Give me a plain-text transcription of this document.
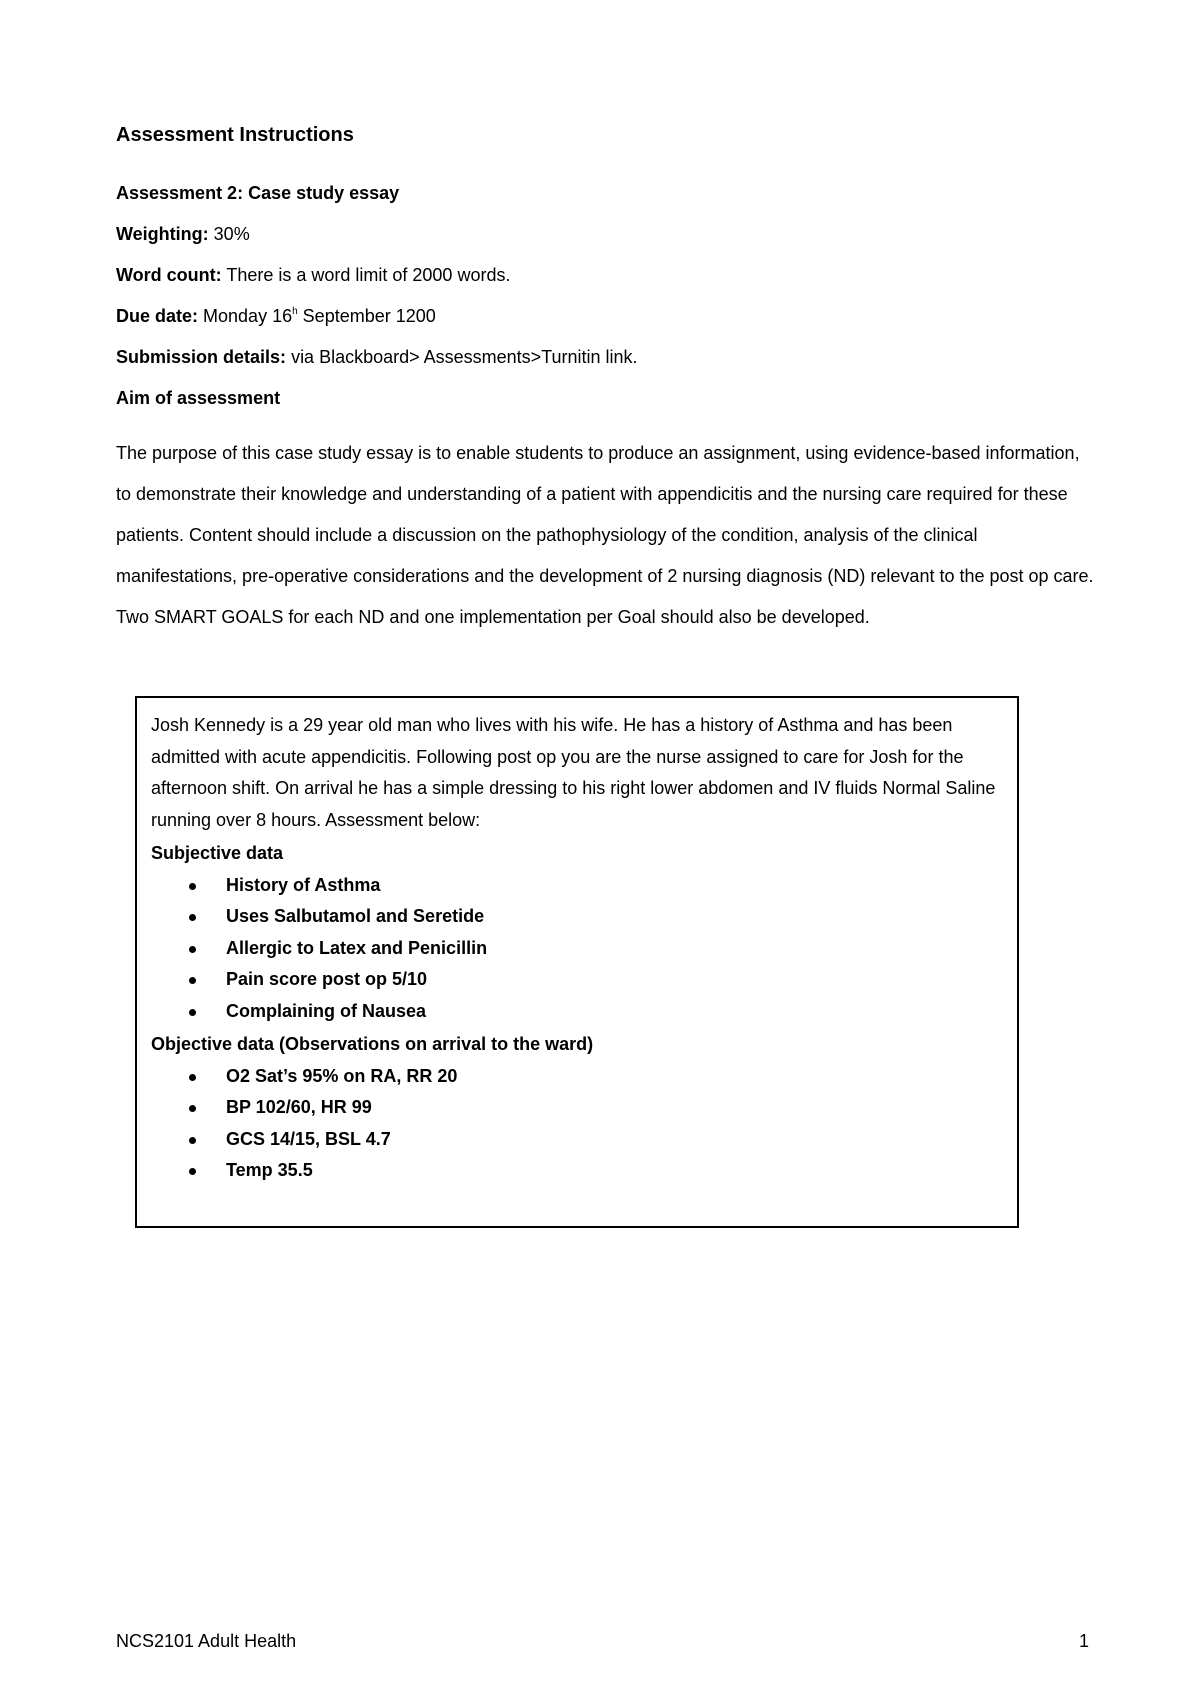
Assessment Instructions

Assessment 2: Case study essay

Weighting: 30%

Word count: There is a word limit of 2000 words.

Due date: Monday 16$^h$ September 1200

Submission details: via Blackboard> Assessments>Turnitin link.

Aim of assessment

The purpose of this case study essay is to enable students to produce an assignment, using evidence-based information, to demonstrate their knowledge and understanding of a patient with appendicitis and the nursing care required for these patients. Content should include a discussion on the pathophysiology of the condition, analysis of the clinical manifestations, pre-operative considerations and the development of 2 nursing diagnosis (ND) relevant to the post op care. Two SMART GOALS for each ND and one implementation per Goal should also be developed.

Josh Kennedy is a 29 year old man who lives with his wife. He has a history of Asthma and has been admitted with acute appendicitis. Following post op you are the nurse assigned to care for Josh for the afternoon shift. On arrival he has a simple dressing to his right lower abdomen and IV fluids Normal Saline running over 8 hours. Assessment below:

Subjective data

History of Asthma
Uses Salbutamol and Seretide
Allergic to Latex and Penicillin
Pain score post op 5/10
Complaining of Nausea

Objective data (Observations on arrival to the ward)

O2 Sat’s 95% on RA, RR 20
BP 102/60, HR 99
GCS 14/15, BSL 4.7
Temp 35.5

NCS2101 Adult Health	1
